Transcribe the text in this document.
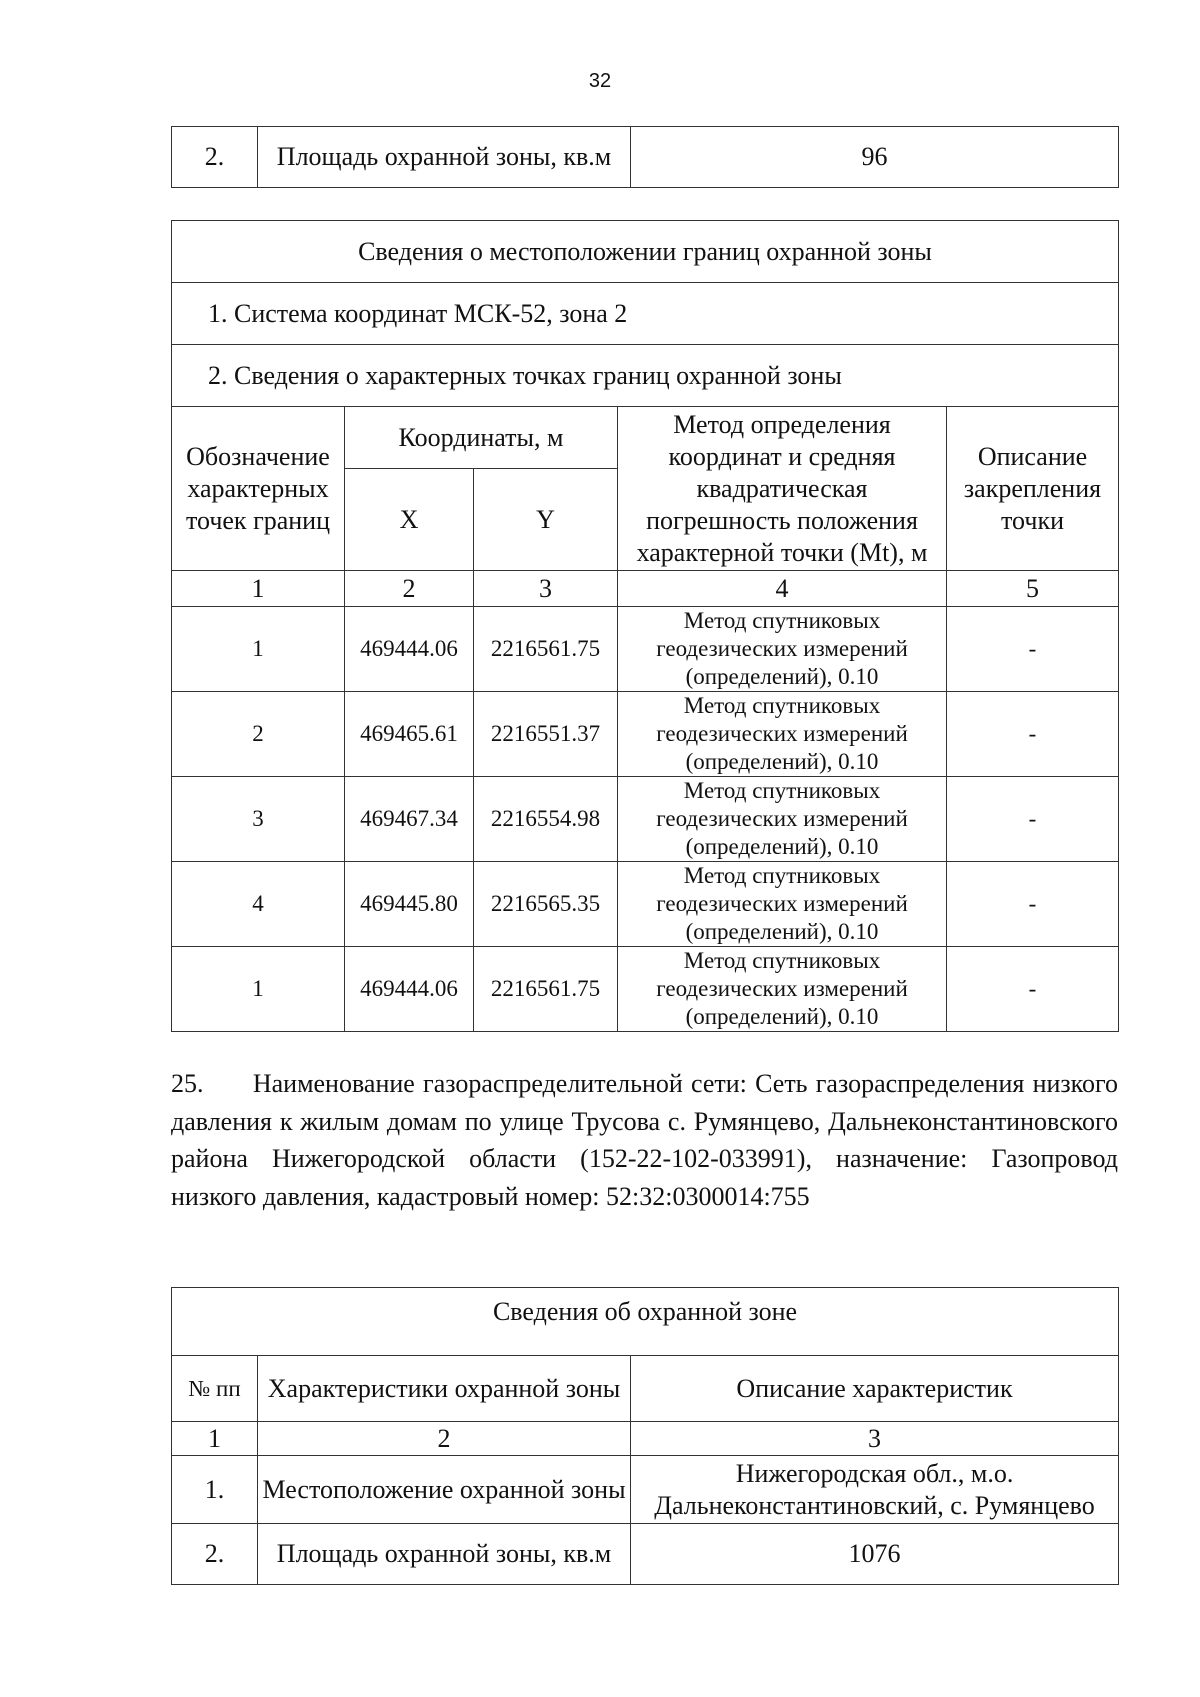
32
2.	Площадь охранной зоны, кв.м	96
Сведения о местоположении границ охранной зоны				
1. Система координат МСК-52, зона 2				
2. Сведения о характерных точках границ охранной зоны				
Обозначение характерных точек границ	Координаты, м		Метод определения координат и средняя квадратическая погрешность положения характерной точки (Mt), м	Описание закрепления точки
	X	Y		
1	2	3	4	5
1	469444.06	2216561.75	Метод спутниковых геодезических измерений (определений), 0.10	-
2	469465.61	2216551.37	Метод спутниковых геодезических измерений (определений), 0.10	-
3	469467.34	2216554.98	Метод спутниковых геодезических измерений (определений), 0.10	-
4	469445.80	2216565.35	Метод спутниковых геодезических измерений (определений), 0.10	-
1	469444.06	2216561.75	Метод спутниковых геодезических измерений (определений), 0.10	-

25.      Наименование газораспределительной сети: Сеть газораспределения низкого давления к жилым домам по улице Трусова с. Румянцево, Дальнеконстантиновского района Нижегородской области (152-22-102-033991), назначение: Газопровод низкого давления, кадастровый номер: 52:32:0300014:755

Сведения об охранной зоне		
№ пп	Характеристики охранной зоны	Описание характеристик
1	2	3
1.	Местоположение охранной зоны	Нижегородская обл., м.о. Дальнеконстантиновский, с. Румянцево
2.	Площадь охранной зоны, кв.м	1076
